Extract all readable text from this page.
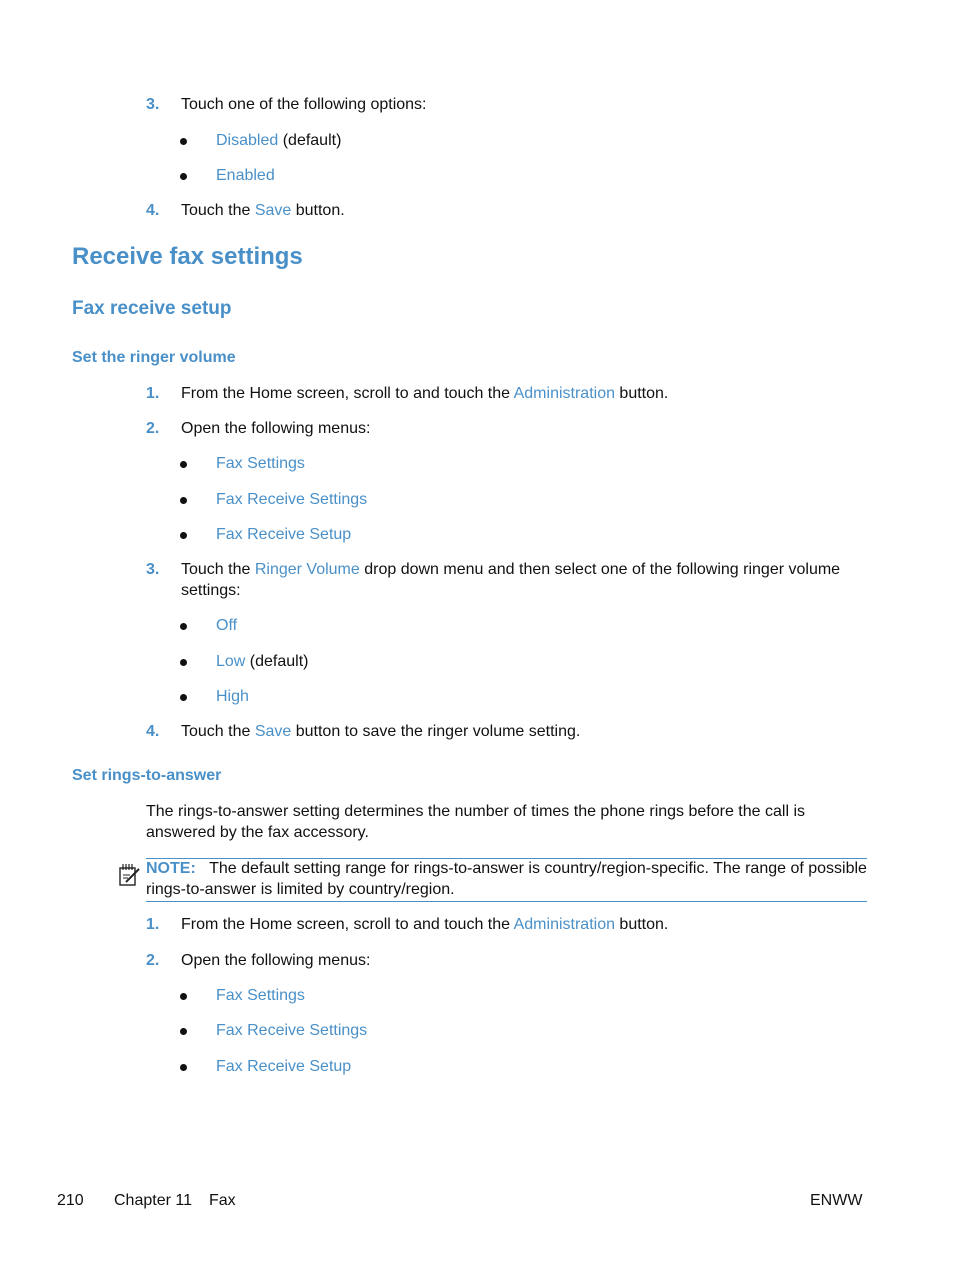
3. Touch one of the following options:
Disabled (default)
Enabled
4. Touch the Save button.
Receive fax settings
Fax receive setup
Set the ringer volume
1. From the Home screen, scroll to and touch the Administration button.
2. Open the following menus:
Fax Settings
Fax Receive Settings
Fax Receive Setup
3. Touch the Ringer Volume drop down menu and then select one of the following ringer volume settings:
Off
Low (default)
High
4. Touch the Save button to save the ringer volume setting.
Set rings-to-answer
The rings-to-answer setting determines the number of times the phone rings before the call is answered by the fax accessory.
NOTE: The default setting range for rings-to-answer is country/region-specific. The range of possible rings-to-answer is limited by country/region.
1. From the Home screen, scroll to and touch the Administration button.
2. Open the following menus:
Fax Settings
Fax Receive Settings
Fax Receive Setup
210 Chapter 11 Fax	ENWW
